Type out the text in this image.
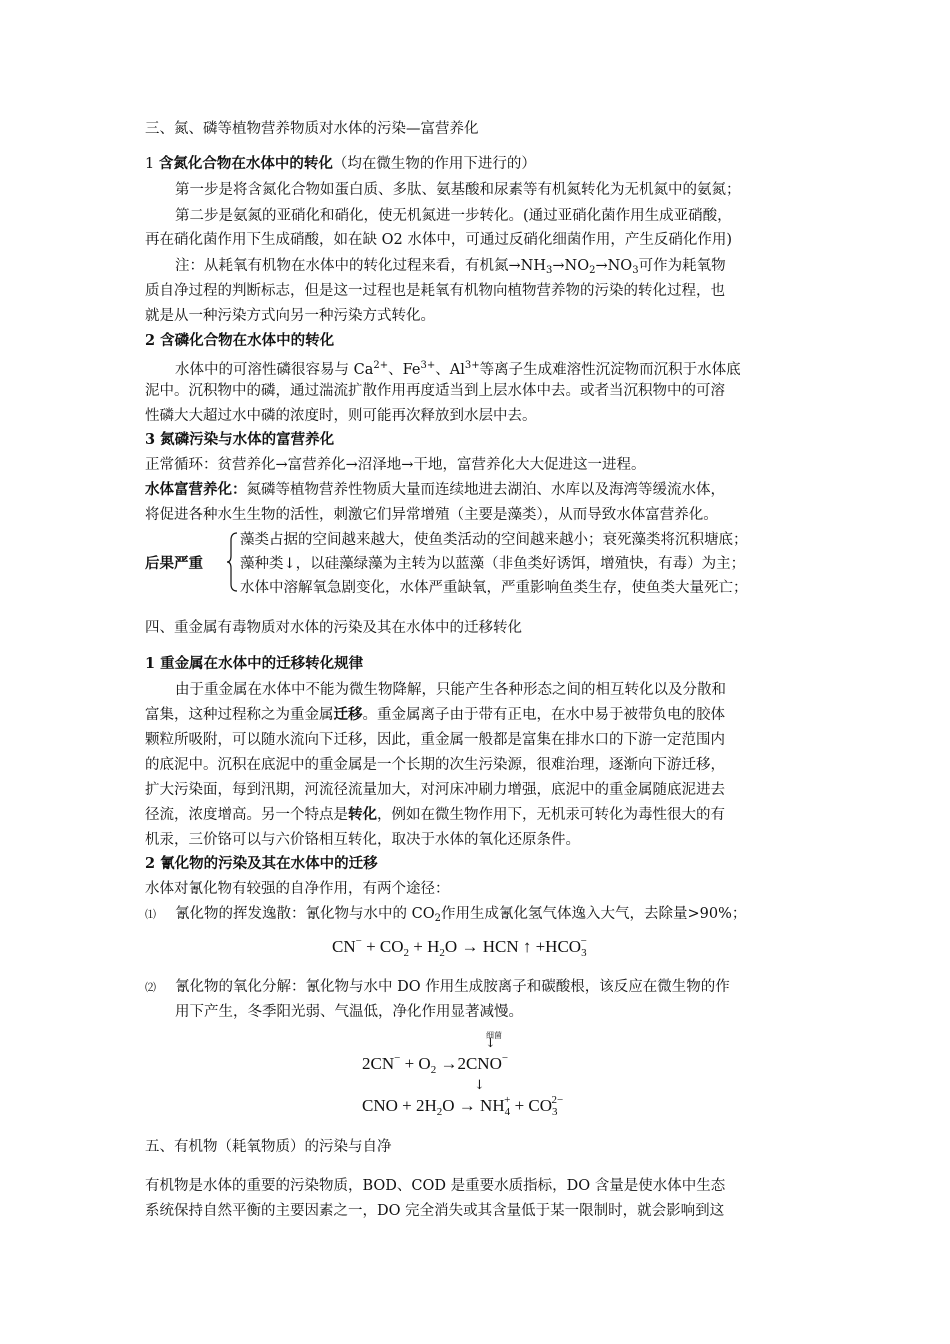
三、氮、磷等植物营养物质对水体的污染—富营养化
1 含氮化合物在水体中的转化（均在微生物的作用下进行的）
第一步是将含氮化合物如蛋白质、多肽、氨基酸和尿素等有机氮转化为无机氮中的氨氮；
第二步是氨氮的亚硝化和硝化，使无机氮进一步转化。(通过亚硝化菌作用生成亚硝酸，
再在硝化菌作用下生成硝酸，如在缺 O2 水体中，可通过反硝化细菌作用，产生反硝化作用)
注：从耗氧有机物在水体中的转化过程来看，有机氮$\to NH_3\to NO_2\to NO_3$可作为耗氧物
质自净过程的判断标志，但是这一过程也是耗氧有机物向植物营养物的污染的转化过程，也
就是从一种污染方式向另一种污染方式转化。
2 含磷化合物在水体中的转化
水体中的可溶性磷很容易与 $Ca^{2+}$、$Fe^{3+}$、$Al^{3+}$等离子生成难溶性沉淀物而沉积于水体底
泥中。沉积物中的磷，通过湍流扩散作用再度适当到上层水体中去。或者当沉积物中的可溶
性磷大大超过水中磷的浓度时，则可能再次释放到水层中去。
3 氮磷污染与水体的富营养化
正常循环：贫营养化→富营养化→沼泽地→干地，富营养化大大促进这一进程。
水体富营养化：氮磷等植物营养性物质大量而连续地进去湖泊、水库以及海湾等缓流水体，
将促进各种水生生物的活性，刺激它们异常增殖（主要是藻类），从而导致水体富营养化。
后果严重
藻类占据的空间越来越大，使鱼类活动的空间越来越小；衰死藻类将沉积塘底；
藻种类↓，以硅藻绿藻为主转为以蓝藻（非鱼类好诱饵，增殖快，有毒）为主；
水体中溶解氧急剧变化，水体严重缺氧，严重影响鱼类生存，使鱼类大量死亡；
四、重金属有毒物质对水体的污染及其在水体中的迁移转化
1 重金属在水体中的迁移转化规律
由于重金属在水体中不能为微生物降解，只能产生各种形态之间的相互转化以及分散和
富集，这种过程称之为重金属迁移。重金属离子由于带有正电，在水中易于被带负电的胶体
颗粒所吸附，可以随水流向下迁移，因此，重金属一般都是富集在排水口的下游一定范围内
的底泥中。沉积在底泥中的重金属是一个长期的次生污染源，很难治理，逐渐向下游迁移，
扩大污染面，每到汛期，河流径流量加大，对河床冲刷力增强，底泥中的重金属随底泥进去
径流，浓度增高。另一个特点是转化，例如在微生物作用下，无机汞可转化为毒性很大的有
机汞，三价铬可以与六价铬相互转化，取决于水体的氧化还原条件。
2 氰化物的污染及其在水体中的迁移
水体对氰化物有较强的自净作用，有两个途径：
⑴ 氰化物的挥发逸散：氰化物与水中的 $CO_2$作用生成氰化氢气体逸入大气，去除量>90%；
$CN^- + CO_2 + H_2O$ → HCN ↑ $+HCO_3^-$
⑵ 氰化物的氧化分解：氰化物与水中 DO 作用生成胺离子和碳酸根，该反应在微生物的作
用下产生，冬季阳光弱、气温低，净化作用显著减慢。
细菌
↓
$2CN^- + O_2 \to 2CNO^-$
↓
CNO + $2H_2O \to NH_4^+ + CO_3^{2-}$
五、有机物（耗氧物质）的污染与自净
有机物是水体的重要的污染物质，BOD、COD 是重要水质指标，DO 含量是使水体中生态
系统保持自然平衡的主要因素之一，DO 完全消失或其含量低于某一限制时，就会影响到这
